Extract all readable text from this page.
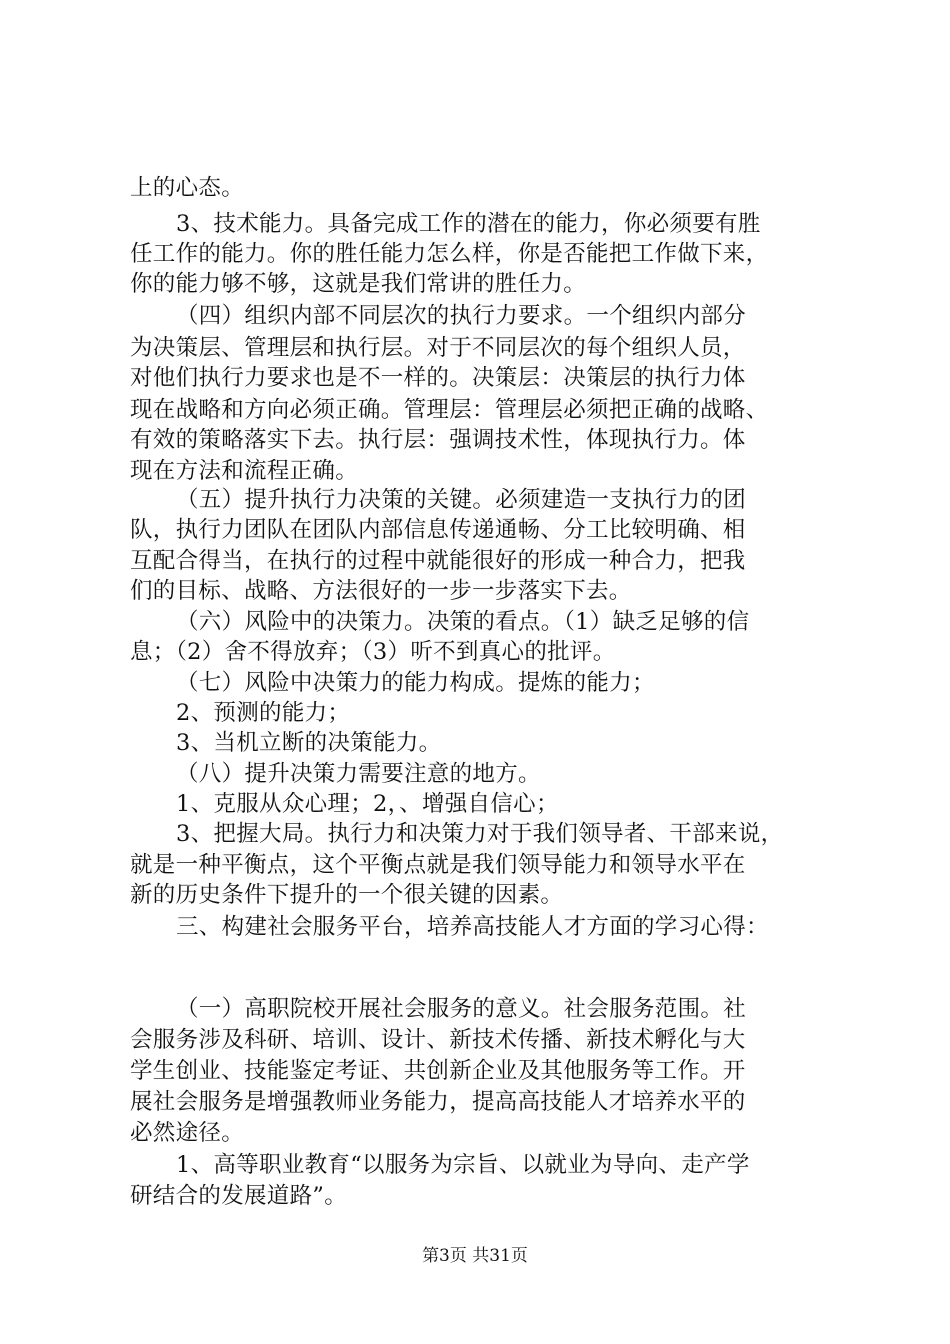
上的心态。
3、技术能力。具备完成工作的潜在的能力，你必须要有胜
任工作的能力。你的胜任能力怎么样，你是否能把工作做下来，
你的能力够不够，这就是我们常讲的胜任力。
（四）组织内部不同层次的执行力要求。一个组织内部分
为决策层、管理层和执行层。对于不同层次的每个组织人员，
对他们执行力要求也是不一样的。决策层：决策层的执行力体
现在战略和方向必须正确。管理层：管理层必须把正确的战略、
有效的策略落实下去。执行层：强调技术性，体现执行力。体
现在方法和流程正确。
（五）提升执行力决策的关键。必须建造一支执行力的团
队，执行力团队在团队内部信息传递通畅、分工比较明确、相
互配合得当，在执行的过程中就能很好的形成一种合力，把我
们的目标、战略、方法很好的一步一步落实下去。
（六）风险中的决策力。决策的看点。（1）缺乏足够的信
息；（2）舍不得放弃；（3）听不到真心的批评。
（七）风险中决策力的能力构成。提炼的能力；
2、预测的能力；
3、当机立断的决策能力。
（八）提升决策力需要注意的地方。
1、克服从众心理；2，、增强自信心；
3、把握大局。执行力和决策力对于我们领导者、干部来说，
就是一种平衡点，这个平衡点就是我们领导能力和领导水平在
新的历史条件下提升的一个很关键的因素。
三、构建社会服务平台，培养高技能人才方面的学习心得：
（一）高职院校开展社会服务的意义。社会服务范围。社
会服务涉及科研、培训、设计、新技术传播、新技术孵化与大
学生创业、技能鉴定考证、共创新企业及其他服务等工作。开
展社会服务是增强教师业务能力，提高高技能人才培养水平的
必然途径。
1、高等职业教育“以服务为宗旨、以就业为导向、走产学
研结合的发展道路”。
第3页 共31页
